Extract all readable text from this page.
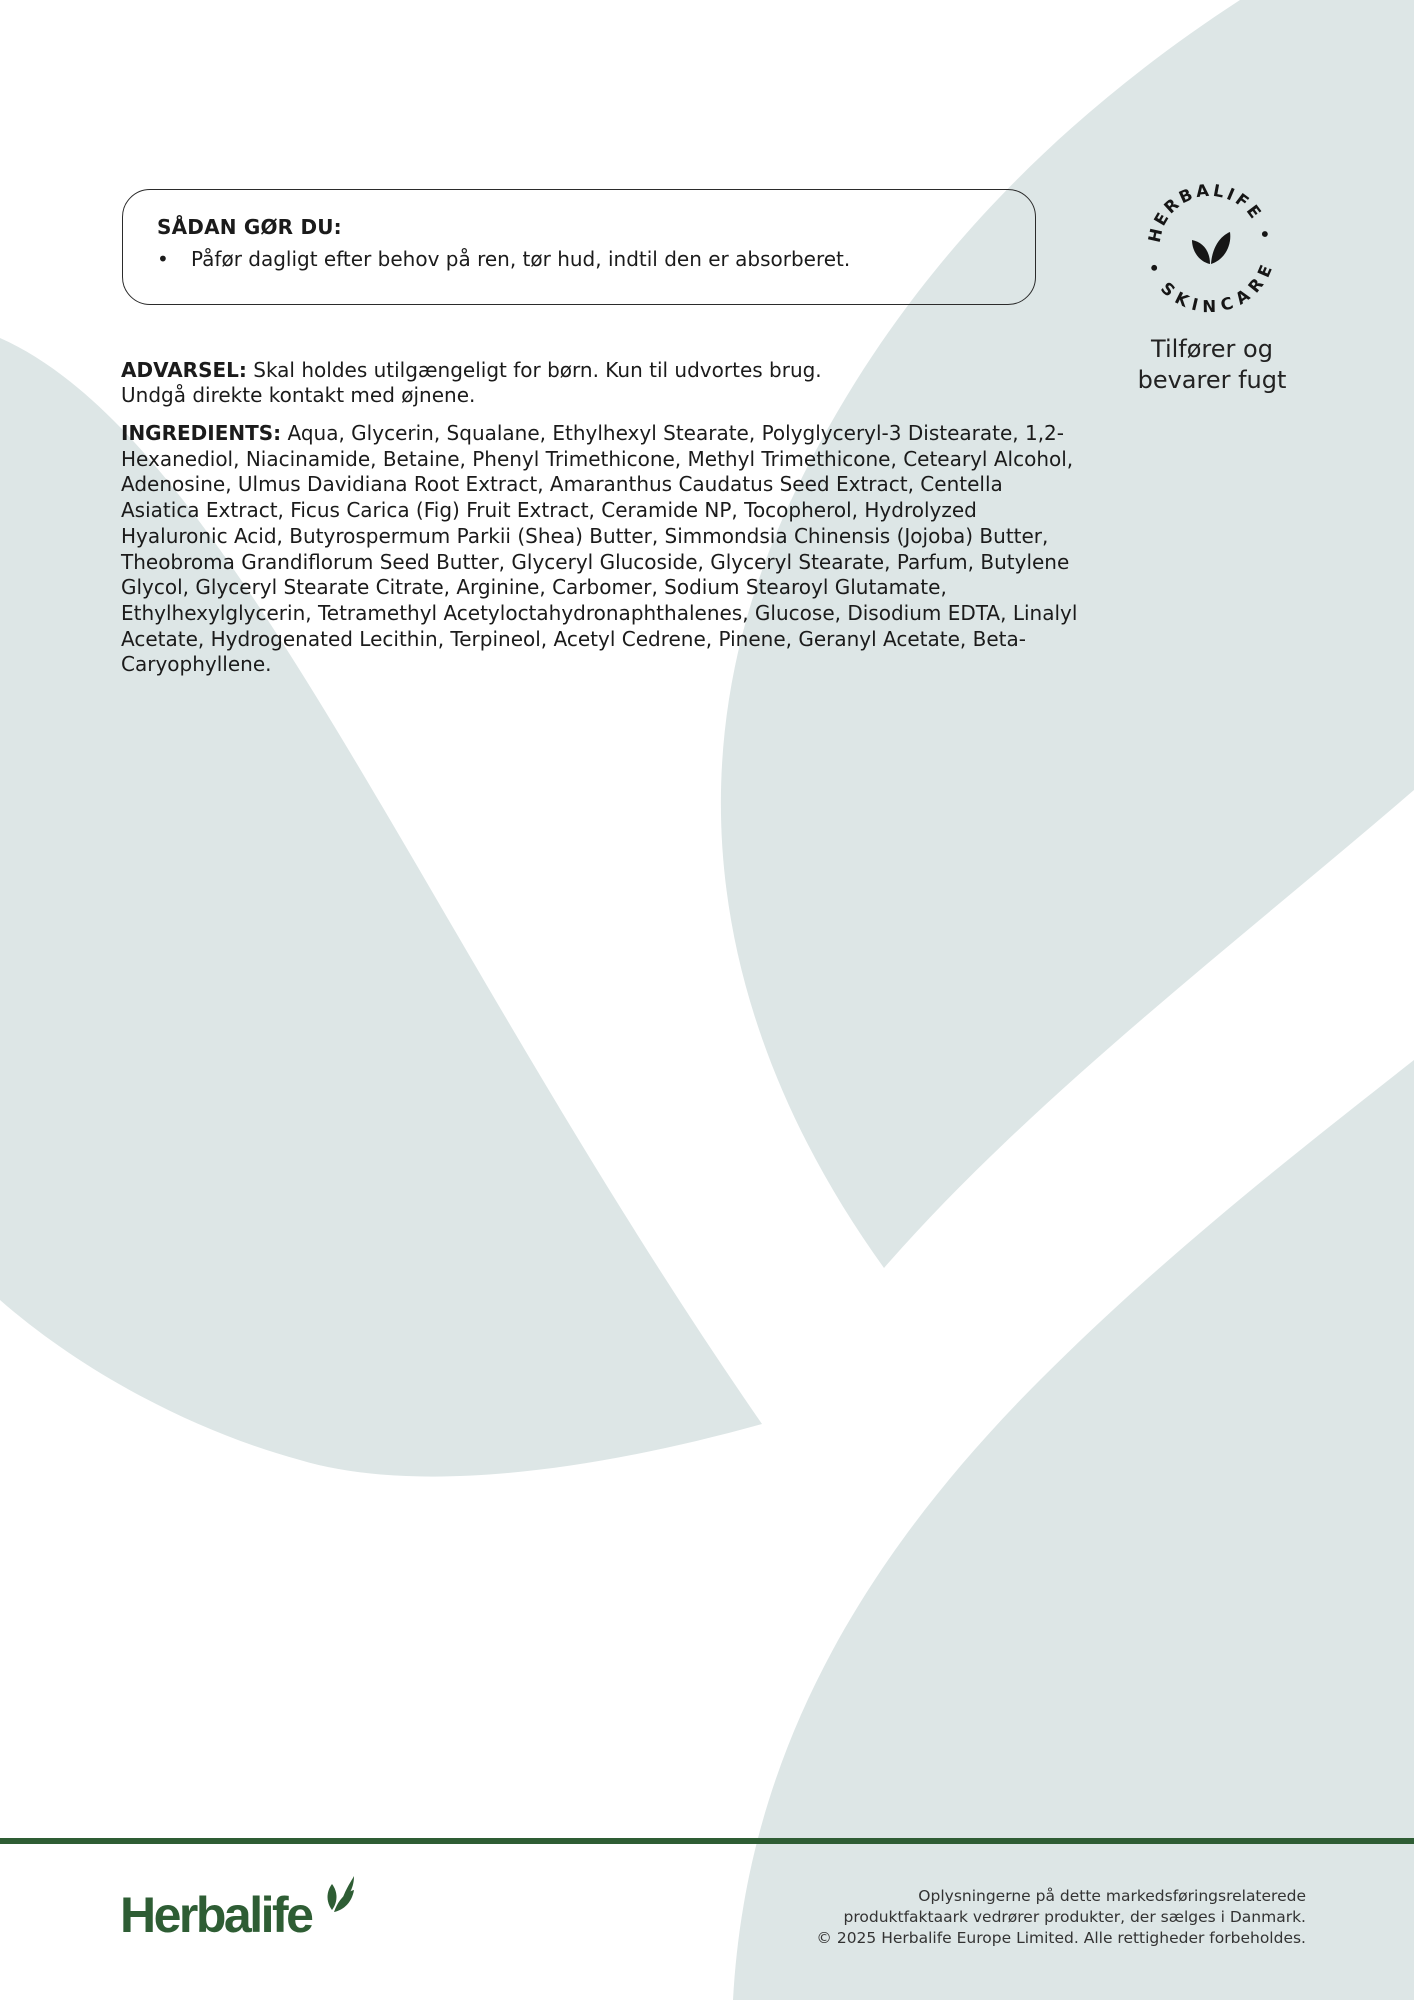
SÅDAN GØR DU:
• Påfør dagligt efter behov på ren, tør hud, indtil den er absorberet.
HERBALIFE •
• SKINCARE
Tilfører og
bevarer fugt
ADVARSEL: Skal holdes utilgængeligt for børn. Kun til udvortes brug.
Undgå direkte kontakt med øjnene.
INGREDIENTS: Aqua, Glycerin, Squalane, Ethylhexyl Stearate, Polyglyceryl-3 Distearate, 1,2-Hexanediol, Niacinamide, Betaine, Phenyl Trimethicone, Methyl Trimethicone, Cetearyl Alcohol, Adenosine, Ulmus Davidiana Root Extract, Amaranthus Caudatus Seed Extract, Centella Asiatica Extract, Ficus Carica (Fig) Fruit Extract, Ceramide NP, Tocopherol, Hydrolyzed Hyaluronic Acid, Butyrospermum Parkii (Shea) Butter, Simmondsia Chinensis (Jojoba) Butter, Theobroma Grandiflorum Seed Butter, Glyceryl Glucoside, Glyceryl Stearate, Parfum, Butylene Glycol, Glyceryl Stearate Citrate, Arginine, Carbomer, Sodium Stearoyl Glutamate, Ethylhexylglycerin, Tetramethyl Acetyloctahydronaphthalenes, Glucose, Disodium EDTA, Linalyl Acetate, Hydrogenated Lecithin, Terpineol, Acetyl Cedrene, Pinene, Geranyl Acetate, Beta-Caryophyllene.
Herbalife	Oplysningerne på dette markedsføringsrelaterede
produktfaktaark vedrører produkter, der sælges i Danmark.
© 2025 Herbalife Europe Limited. Alle rettigheder forbeholdes.
